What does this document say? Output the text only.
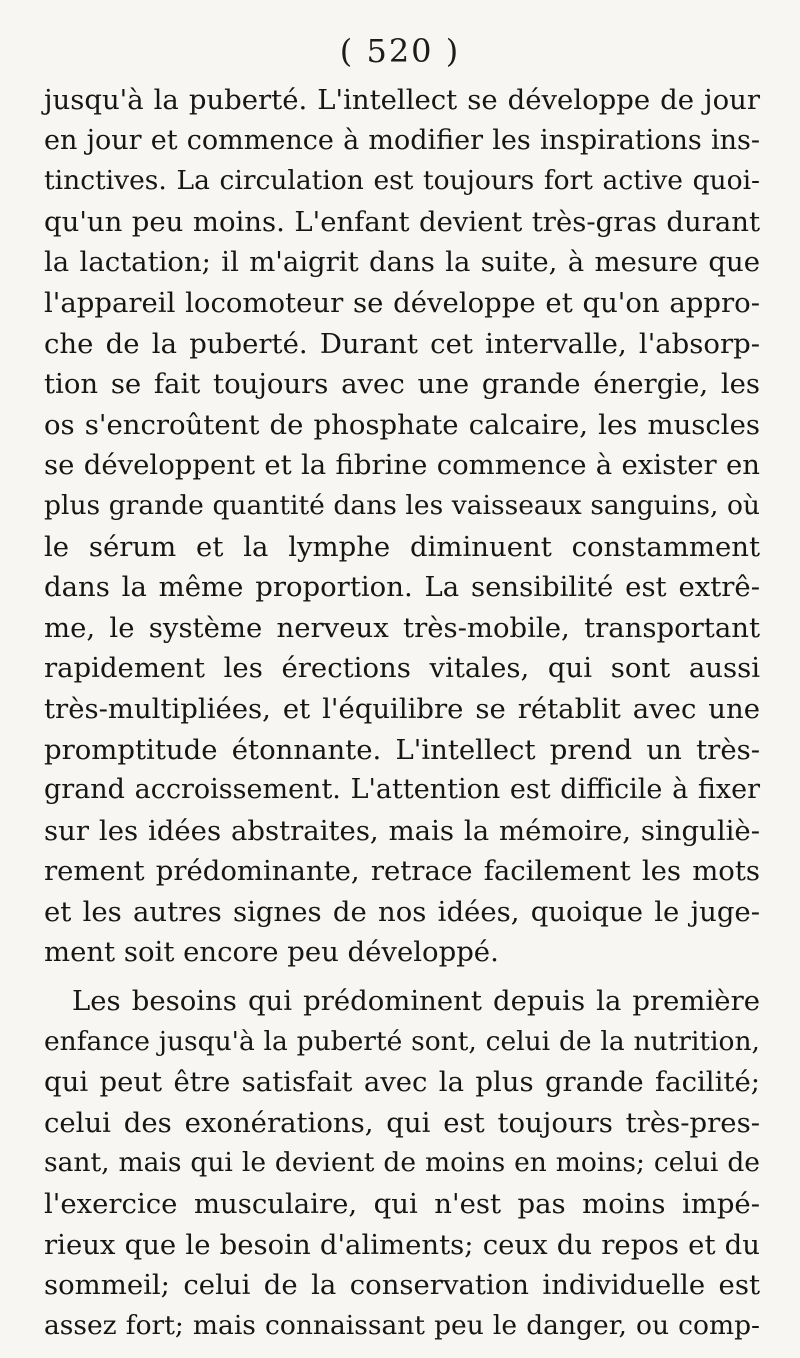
( 520 )
jusqu'à la puberté. L'intellect se développe de jour
en jour et commence à modifier les inspirations ins-
tinctives. La circulation est toujours fort active quoi-
qu'un peu moins. L'enfant devient très-gras durant
la lactation; il m'aigrit dans la suite, à mesure que
l'appareil locomoteur se développe et qu'on appro-
che de la puberté. Durant cet intervalle, l'absorp-
tion se fait toujours avec une grande énergie, les
os s'encroûtent de phosphate calcaire, les muscles
se développent et la fibrine commence à exister en
plus grande quantité dans les vaisseaux sanguins, où
le sérum et la lymphe diminuent constamment
dans la même proportion. La sensibilité est extrê-
me, le système nerveux très-mobile, transportant
rapidement les érections vitales, qui sont aussi
très-multipliées, et l'équilibre se rétablit avec une
promptitude étonnante. L'intellect prend un très-
grand accroissement. L'attention est difficile à fixer
sur les idées abstraites, mais la mémoire, singuliè-
rement prédominante, retrace facilement les mots
et les autres signes de nos idées, quoique le juge-
ment soit encore peu développé.
Les besoins qui prédominent depuis la première
enfance jusqu'à la puberté sont, celui de la nutrition,
qui peut être satisfait avec la plus grande facilité;
celui des exonérations, qui est toujours très-pres-
sant, mais qui le devient de moins en moins; celui de
l'exercice musculaire, qui n'est pas moins impé-
rieux que le besoin d'aliments; ceux du repos et du
sommeil; celui de la conservation individuelle est
assez fort; mais connaissant peu le danger, ou comp-
